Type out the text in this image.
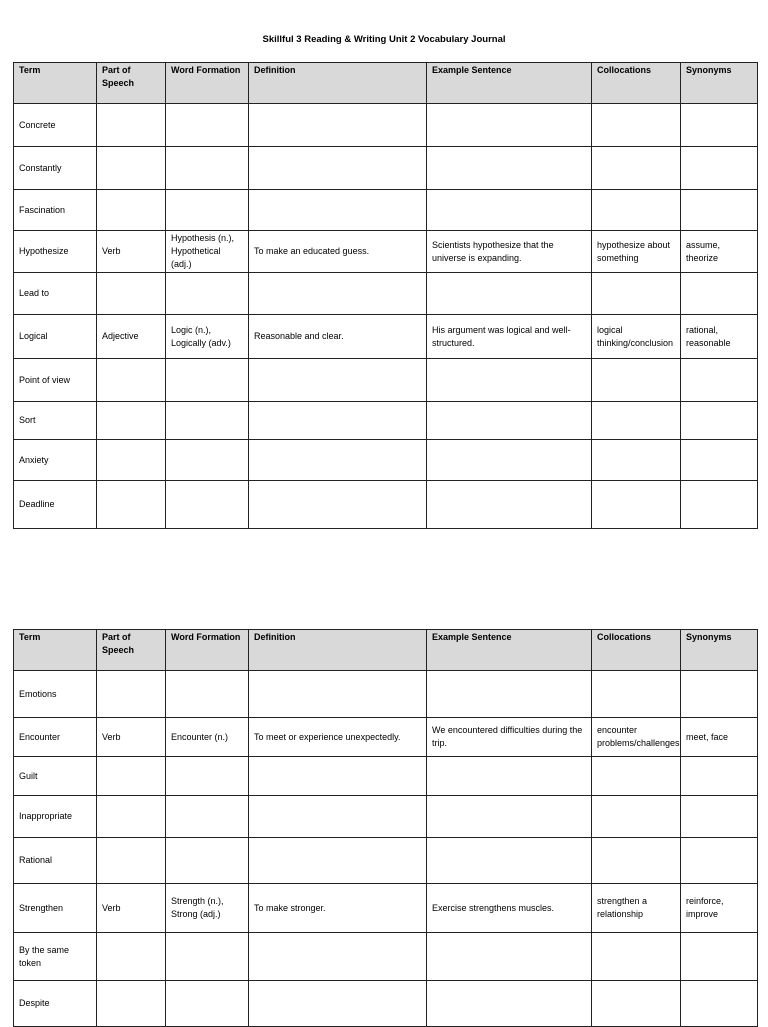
Skillful 3 Reading & Writing Unit 2 Vocabulary Journal
Term	Part of Speech	Word Formation	Definition	Example Sentence	Collocations	Synonyms
Concrete						
Constantly						
Fascination						
Hypothesize	Verb	Hypothesis (n.), Hypothetical (adj.)	To make an educated guess.	Scientists hypothesize that the universe is expanding.	hypothesize about something	assume, theorize
Lead to						
Logical	Adjective	Logic (n.), Logically (adv.)	Reasonable and clear.	His argument was logical and well-structured.	logical thinking/conclusion	rational, reasonable
Point of view						
Sort						
Anxiety						
Deadline						
Term	Part of Speech	Word Formation	Definition	Example Sentence	Collocations	Synonyms
Emotions						
Encounter	Verb	Encounter (n.)	To meet or experience unexpectedly.	We encountered difficulties during the trip.	encounter problems/challenges	meet, face
Guilt						
Inappropriate						
Rational						
Strengthen	Verb	Strength (n.), Strong (adj.)	To make stronger.	Exercise strengthens muscles.	strengthen a relationship	reinforce, improve
By the same token						
Despite						
